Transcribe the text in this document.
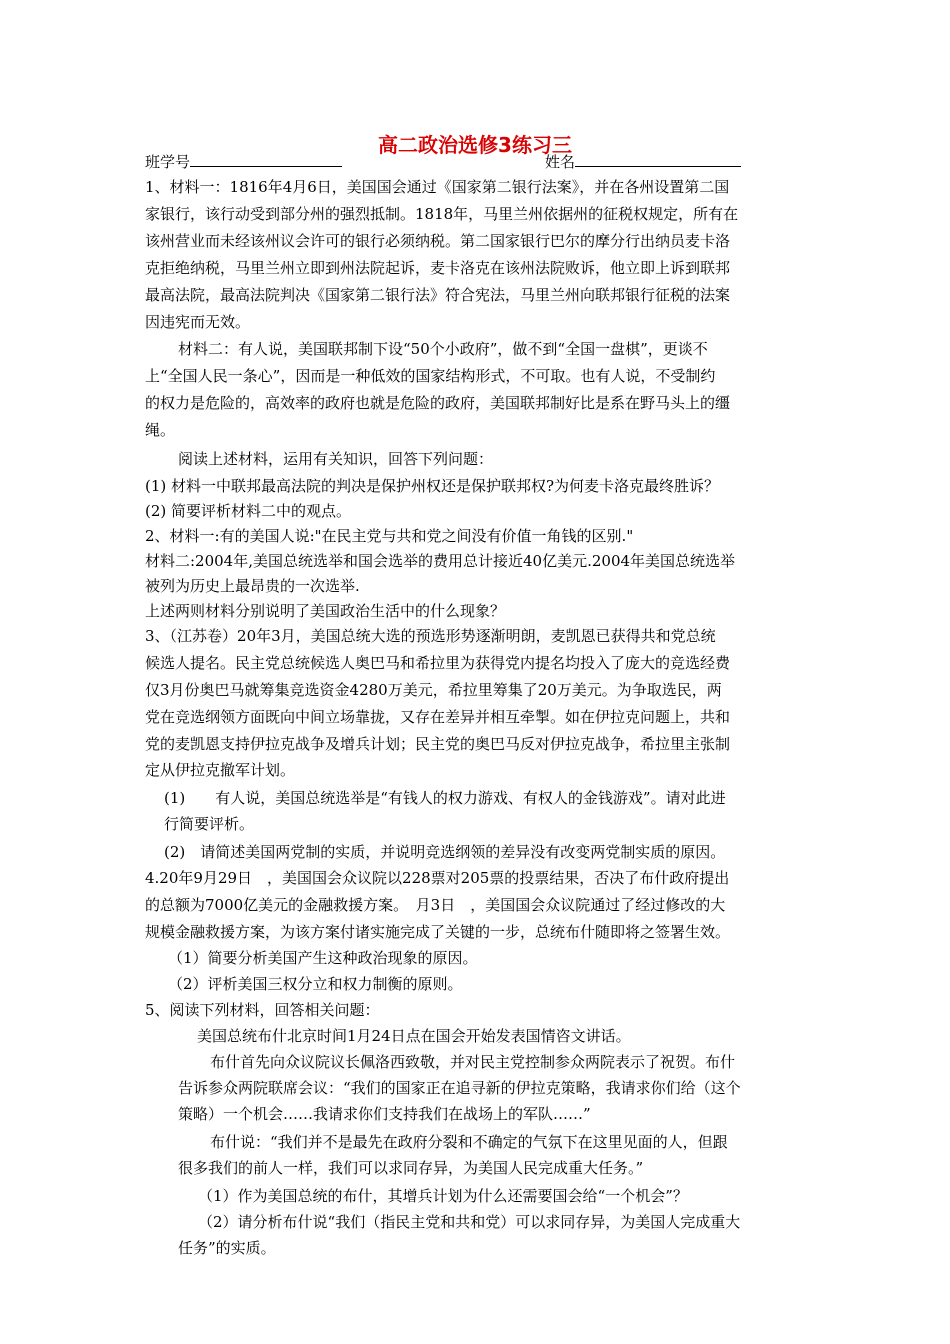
高二政治选修3练习三
班学号	姓名
1、材料一：1816年4月6日，美国国会通过《国家第二银行法案》，并在各州设置第二国
家银行，该行动受到部分州的强烈抵制。1818年，马里兰州依据州的征税权规定，所有在
该州营业而未经该州议会许可的银行必须纳税。第二国家银行巴尔的摩分行出纳员麦卡洛
克拒绝纳税，马里兰州立即到州法院起诉，麦卡洛克在该州法院败诉，他立即上诉到联邦
最高法院，最高法院判决《国家第二银行法》符合宪法，马里兰州向联邦银行征税的法案
因违宪而无效。
材料二：有人说，美国联邦制下设“50个小政府”，做不到“全国一盘棋”，更谈不
上“全国人民一条心”，因而是一种低效的国家结构形式，不可取。也有人说，不受制约
的权力是危险的，高效率的政府也就是危险的政府，美国联邦制好比是系在野马头上的缰
绳。
阅读上述材料，运用有关知识，回答下列问题：
(1) 材料一中联邦最高法院的判决是保护州权还是保护联邦权?为何麦卡洛克最终胜诉？
(2) 简要评析材料二中的观点。
2、材料一:有的美国人说:"在民主党与共和党之间没有价值一角钱的区别."
材料二:2004年,美国总统选举和国会选举的费用总计接近40亿美元.2004年美国总统选举
被列为历史上最昂贵的一次选举.
上述两则材料分别说明了美国政治生活中的什么现象？
3、（江苏卷）20年3月，美国总统大选的预选形势逐渐明朗，麦凯恩已获得共和党总统
候选人提名。民主党总统候选人奥巴马和希拉里为获得党内提名均投入了庞大的竞选经费
仅3月份奥巴马就筹集竞选资金4280万美元，希拉里筹集了20万美元。为争取选民，两
党在竞选纲领方面既向中间立场靠拢，又存在差异并相互牵掣。如在伊拉克问题上，共和
党的麦凯恩支持伊拉克战争及增兵计划；民主党的奥巴马反对伊拉克战争，希拉里主张制
定从伊拉克撤军计划。
(1)　　有人说，美国总统选举是“有钱人的权力游戏、有权人的金钱游戏”。请对此进
行简要评析。
(2)　请简述美国两党制的实质，并说明竞选纲领的差异没有改变两党制实质的原因。
4.20年9月29日　，美国国会众议院以228票对205票的投票结果，否决了布什政府提出
的总额为7000亿美元的金融救援方案。　月3日　，美国国会众议院通过了经过修改的大
规模金融救援方案，为该方案付诸实施完成了关键的一步，总统布什随即将之签署生效。
（1）简要分析美国产生这种政治现象的原因。
（2）评析美国三权分立和权力制衡的原则。
5、阅读下列材料，回答相关问题：
美国总统布什北京时间1月24日点在国会开始发表国情咨文讲话。
布什首先向众议院议长佩洛西致敬，并对民主党控制参众两院表示了祝贺。布什
告诉参众两院联席会议：“我们的国家正在追寻新的伊拉克策略，我请求你们给（这个
策略）一个机会……我请求你们支持我们在战场上的军队……”
布什说：“我们并不是最先在政府分裂和不确定的气氛下在这里见面的人，但跟
很多我们的前人一样，我们可以求同存异，为美国人民完成重大任务。”
（1）作为美国总统的布什，其增兵计划为什么还需要国会给“一个机会”？
（2）请分析布什说“我们（指民主党和共和党）可以求同存异，为美国人完成重大
任务”的实质。
